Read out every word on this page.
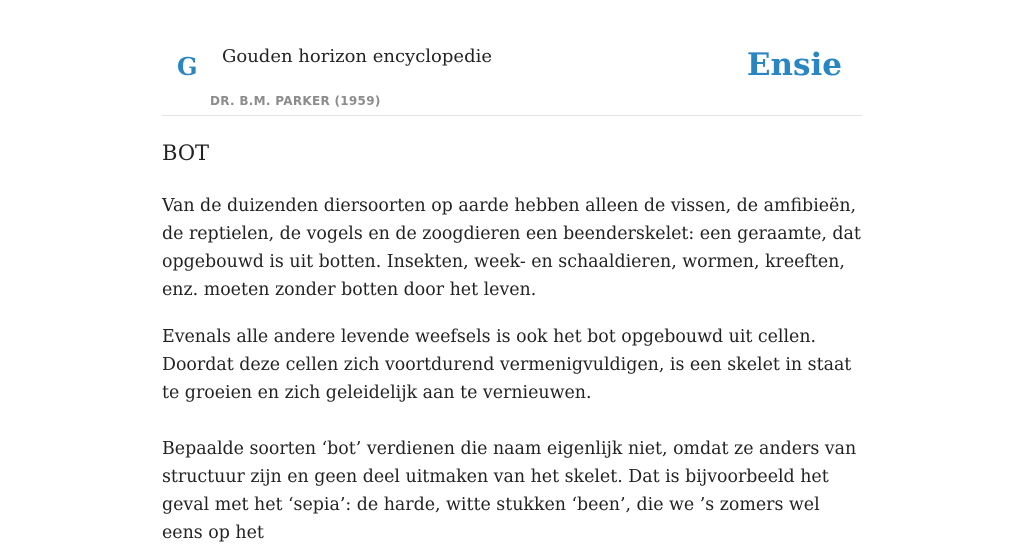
G Gouden horizon encyclopedie
DR. B.M. PARKER (1959)
Ensie
BOT

Van de duizenden diersoorten op aarde hebben alleen de vissen, de amfibieën, de reptielen, de vogels en de zoogdieren een beenderskelet: een geraamte, dat opgebouwd is uit botten. Insekten, week- en schaaldieren, wormen, kreeften, enz. moeten zonder botten door het leven.

Evenals alle andere levende weefsels is ook het bot opgebouwd uit cellen. Doordat deze cellen zich voortdurend vermenigvuldigen, is een skelet in staat te groeien en zich geleidelijk aan te vernieuwen.

Bepaalde soorten ‘bot’ verdienen die naam eigenlijk niet, omdat ze anders van structuur zijn en geen deel uitmaken van het skelet. Dat is bijvoorbeeld het geval met het ‘sepia’: de harde, witte stukken ‘been’, die we ’s zomers wel eens op het
